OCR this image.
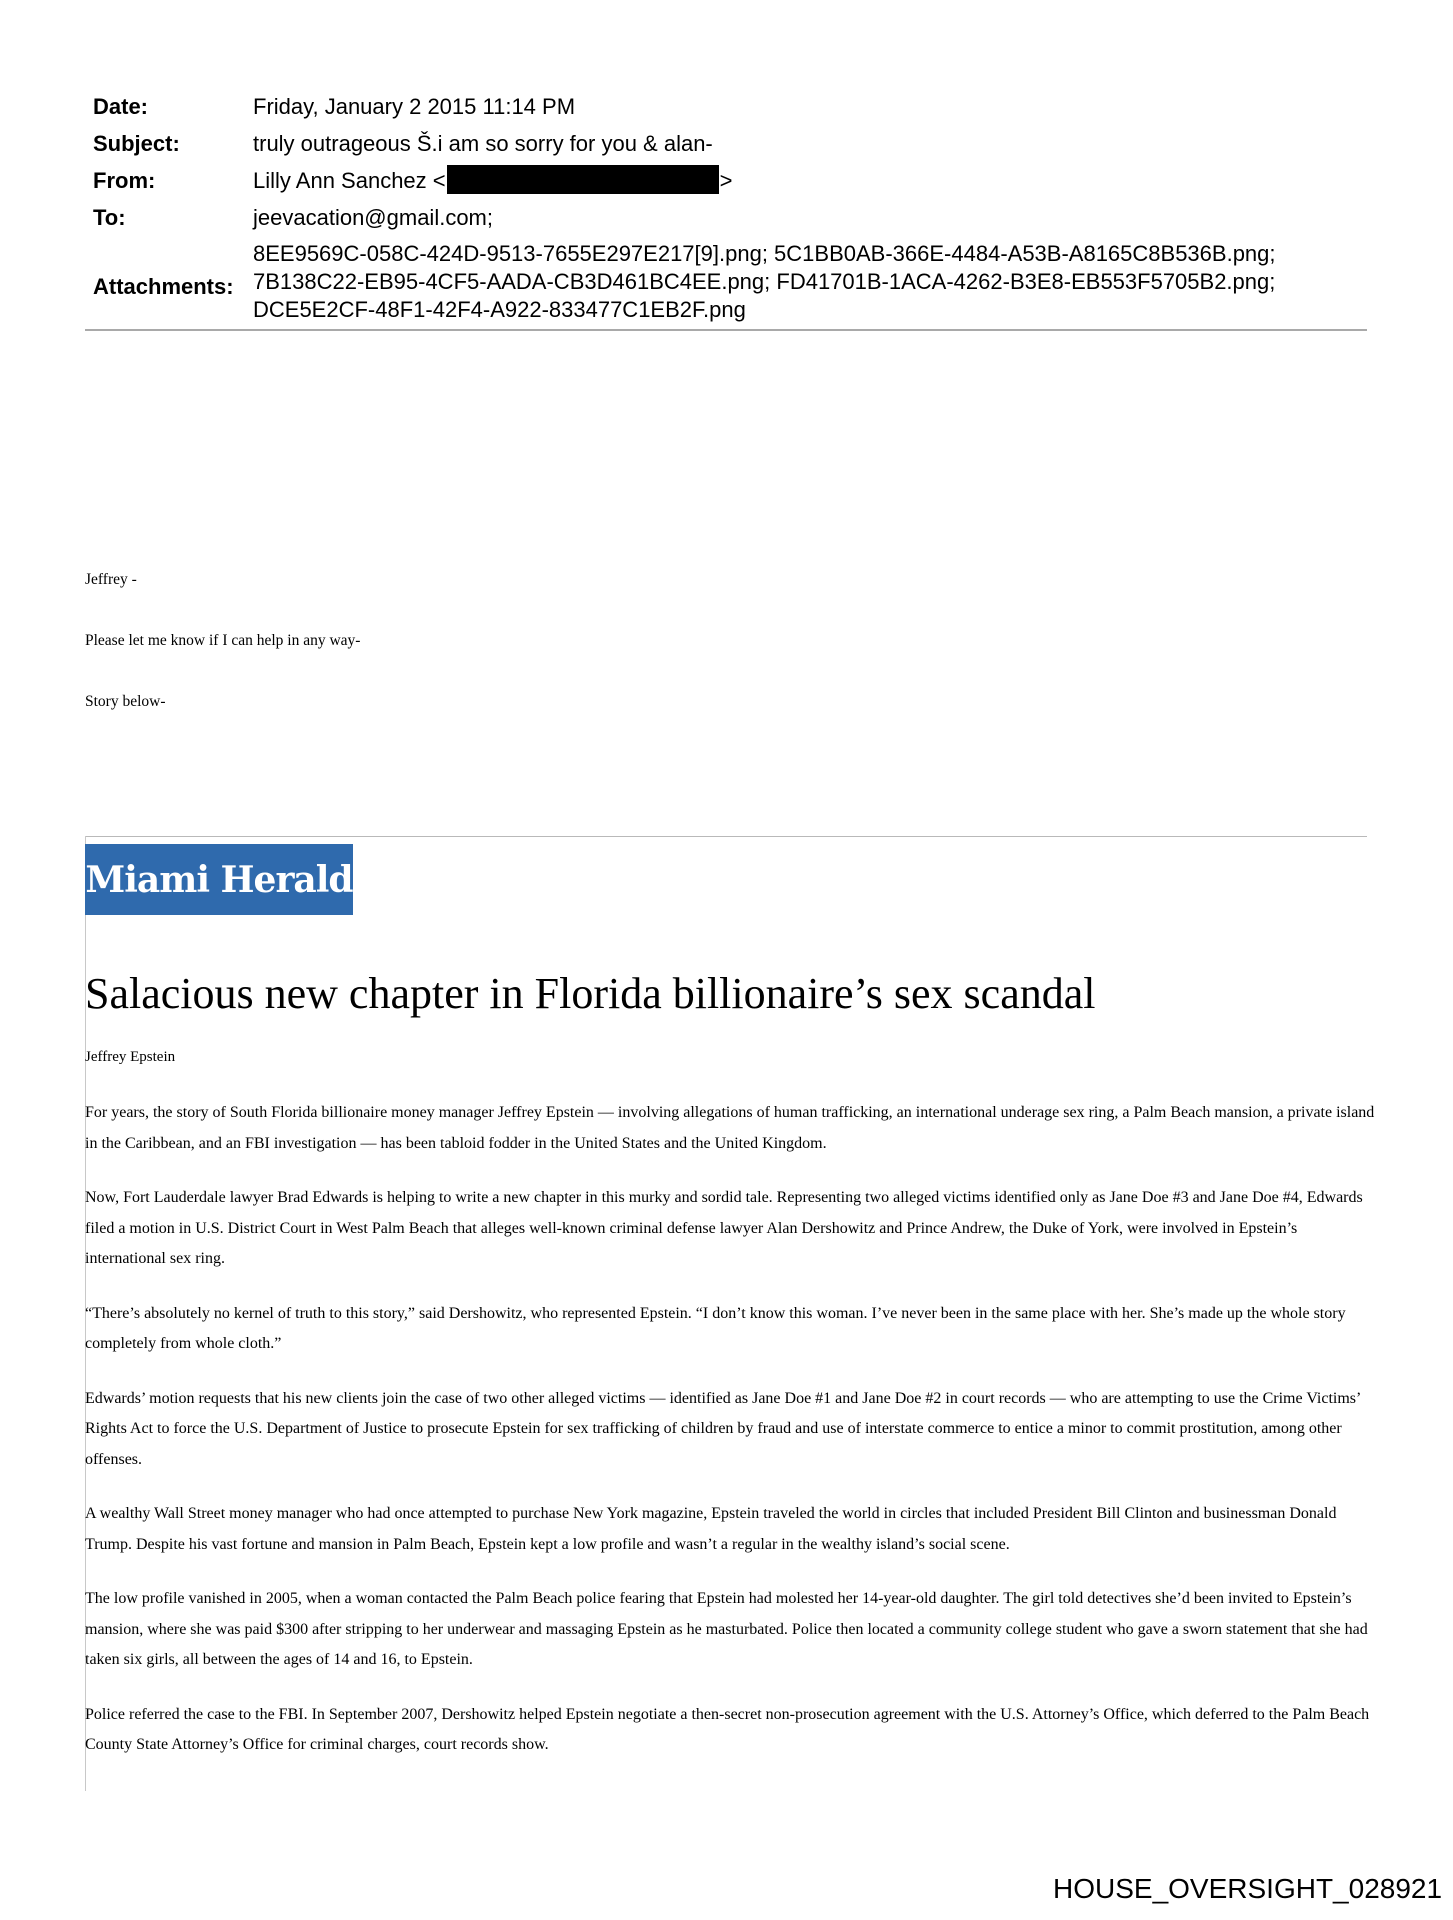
Date:	Friday, January 2 2015 11:14 PM
Subject:	truly outrageous Š.i am so sorry for you & alan-
From:	Lilly Ann Sanchez <	>
To:	jeevacation@gmail.com;
Attachments:
8EE9569C-058C-424D-9513-7655E297E217[9].png; 5C1BB0AB-366E-4484-A53B-A8165C8B536B.png;
7B138C22-EB95-4CF5-AADA-CB3D461BC4EE.png; FD41701B-1ACA-4262-B3E8-EB553F5705B2.png;
DCE5E2CF-48F1-42F4-A922-833477C1EB2F.png
Jeffrey -
Please let me know if I can help in any way-
Story below-
Miami Herald
Salacious new chapter in Florida billionaire’s sex scandal
Jeffrey Epstein

For years, the story of South Florida billionaire money manager Jeffrey Epstein — involving allegations of human trafficking, an international underage sex ring, a Palm Beach mansion, a private island in the Caribbean, and an FBI investigation — has been tabloid fodder in the United States and the United Kingdom.

Now, Fort Lauderdale lawyer Brad Edwards is helping to write a new chapter in this murky and sordid tale. Representing two alleged victims identified only as Jane Doe #3 and Jane Doe #4, Edwards filed a motion in U.S. District Court in West Palm Beach that alleges well-known criminal defense lawyer Alan Dershowitz and Prince Andrew, the Duke of York, were involved in Epstein’s international sex ring.

“There’s absolutely no kernel of truth to this story,” said Dershowitz, who represented Epstein. “I don’t know this woman. I’ve never been in the same place with her. She’s made up the whole story completely from whole cloth.”

Edwards’ motion requests that his new clients join the case of two other alleged victims — identified as Jane Doe #1 and Jane Doe #2 in court records — who are attempting to use the Crime Victims’ Rights Act to force the U.S. Department of Justice to prosecute Epstein for sex trafficking of children by fraud and use of interstate commerce to entice a minor to commit prostitution, among other offenses.

A wealthy Wall Street money manager who had once attempted to purchase New York magazine, Epstein traveled the world in circles that included President Bill Clinton and businessman Donald Trump. Despite his vast fortune and mansion in Palm Beach, Epstein kept a low profile and wasn’t a regular in the wealthy island’s social scene.

The low profile vanished in 2005, when a woman contacted the Palm Beach police fearing that Epstein had molested her 14-year-old daughter. The girl told detectives she’d been invited to Epstein’s mansion, where she was paid $300 after stripping to her underwear and massaging Epstein as he masturbated. Police then located a community college student who gave a sworn statement that she had taken six girls, all between the ages of 14 and 16, to Epstein.

Police referred the case to the FBI. In September 2007, Dershowitz helped Epstein negotiate a then-secret non-prosecution agreement with the U.S. Attorney’s Office, which deferred to the Palm Beach County State Attorney’s Office for criminal charges, court records show.

HOUSE_OVERSIGHT_028921
